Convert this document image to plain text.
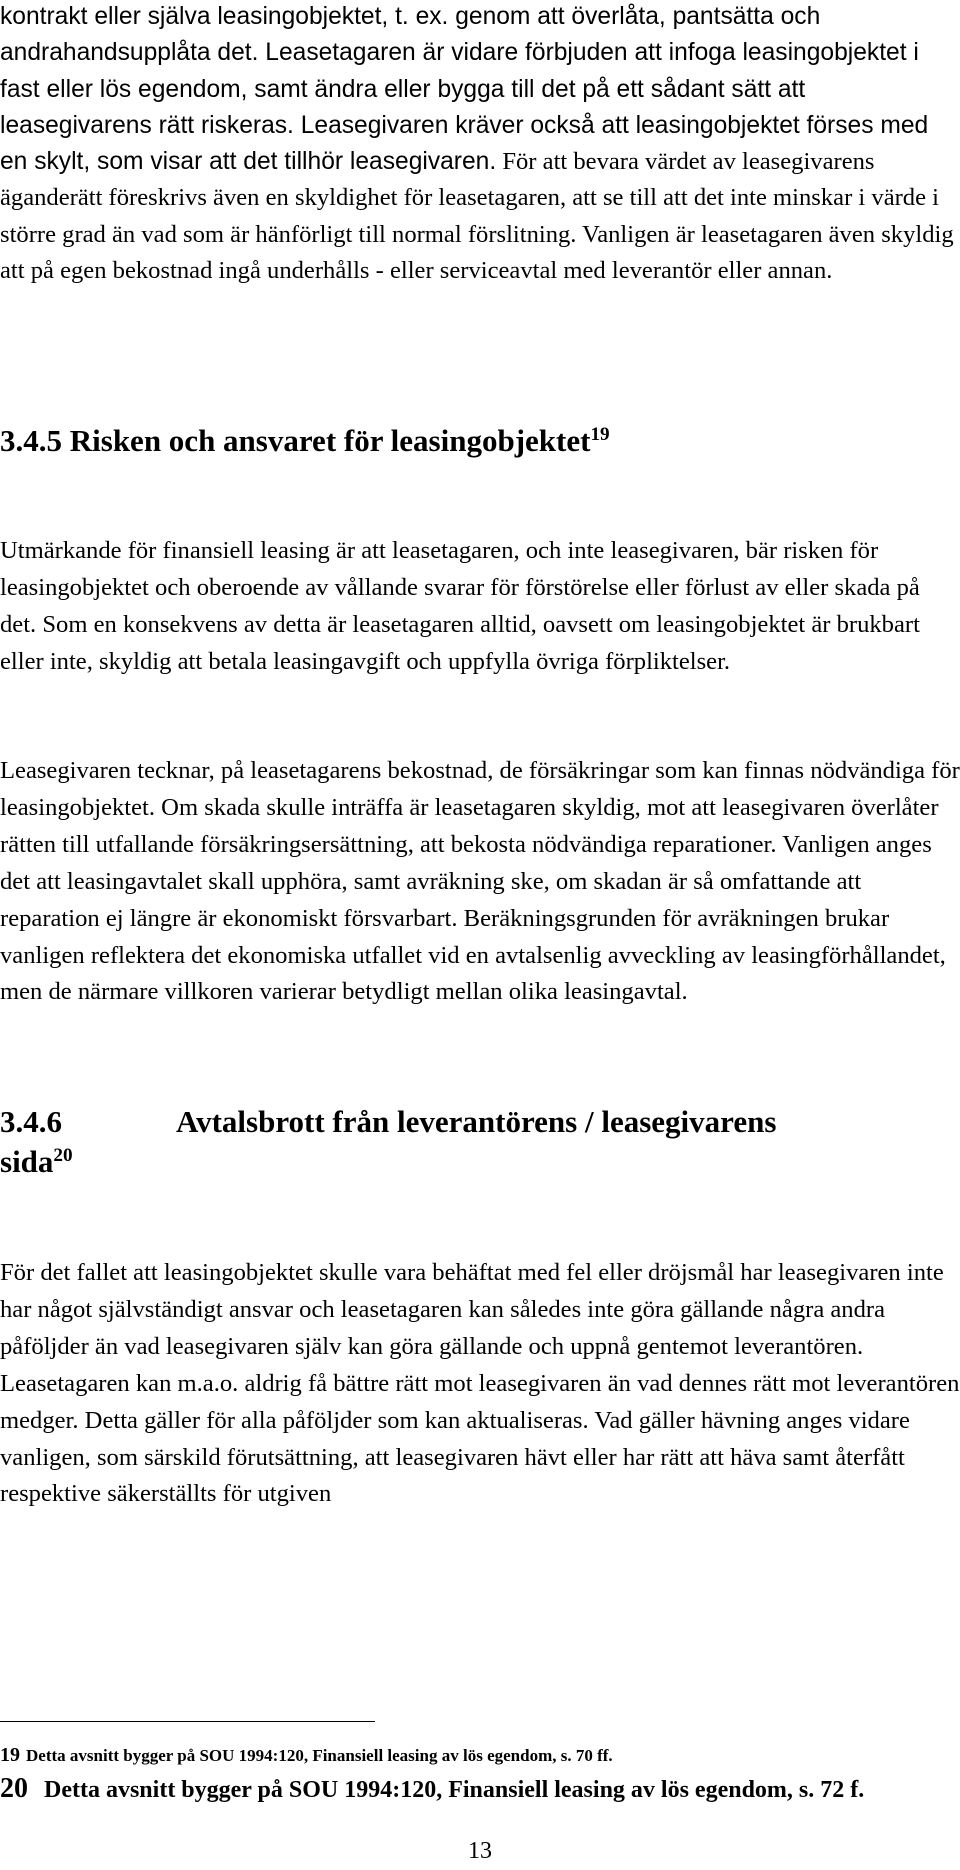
kontrakt eller själva leasingobjektet, t. ex. genom att överlåta, pantsätta och andrahandsupplåta det. Leasetagaren är vidare förbjuden att infoga leasingobjektet i fast eller lös egendom, samt ändra eller bygga till det på ett sådant sätt att leasegivarens rätt riskeras. Leasegivaren kräver också att leasingobjektet förses med en skylt, som visar att det tillhör leasegivaren. För att bevara värdet av leasegivarens äganderätt föreskrivs även en skyldighet för leasetagaren, att se till att det inte minskar i värde i större grad än vad som är hänförligt till normal förslitning. Vanligen är leasetagaren även skyldig att på egen bekostnad ingå underhålls - eller serviceavtal med leverantör eller annan.

3.4.5 Risken och ansvaret för leasingobjektet$^{19}$

Utmärkande för finansiell leasing är att leasetagaren, och inte leasegivaren, bär risken för leasingobjektet och oberoende av vållande svarar för förstörelse eller förlust av eller skada på det. Som en konsekvens av detta är leasetagaren alltid, oavsett om leasingobjektet är brukbart eller inte, skyldig att betala leasingavgift och uppfylla övriga förpliktelser.

Leasegivaren tecknar, på leasetagarens bekostnad, de försäkringar som kan finnas nödvändiga för leasingobjektet. Om skada skulle inträffa är leasetagaren skyldig, mot att leasegivaren överlåter rätten till utfallande försäkringsersättning, att bekosta nödvändiga reparationer. Vanligen anges det att leasingavtalet skall upphöra, samt avräkning ske, om skadan är så omfattande att reparation ej längre är ekonomiskt försvarbart. Beräkningsgrunden för avräkningen brukar vanligen reflektera det ekonomiska utfallet vid en avtalsenlig avveckling av leasingförhållandet, men de närmare villkoren varierar betydligt mellan olika leasingavtal.

3.4.6	Avtalsbrott från leverantörens / leasegivarens
sida$^{20}$

För det fallet att leasingobjektet skulle vara behäftat med fel eller dröjsmål har leasegivaren inte har något självständigt ansvar och leasetagaren kan således inte göra gällande några andra påföljder än vad leasegivaren själv kan göra gällande och uppnå gentemot leverantören. Leasetagaren kan m.a.o. aldrig få bättre rätt mot leasegivaren än vad dennes rätt mot leverantören medger. Detta gäller för alla påföljder som kan aktualiseras. Vad gäller hävning anges vidare vanligen, som särskild förutsättning, att leasegivaren hävt eller har rätt att häva samt återfått respektive säkerställts för utgiven

19 Detta avsnitt bygger på SOU 1994:120, Finansiell leasing av lös egendom, s. 70 ff.

20 Detta avsnitt bygger på SOU 1994:120, Finansiell leasing av lös egendom, s. 72 f.

13
